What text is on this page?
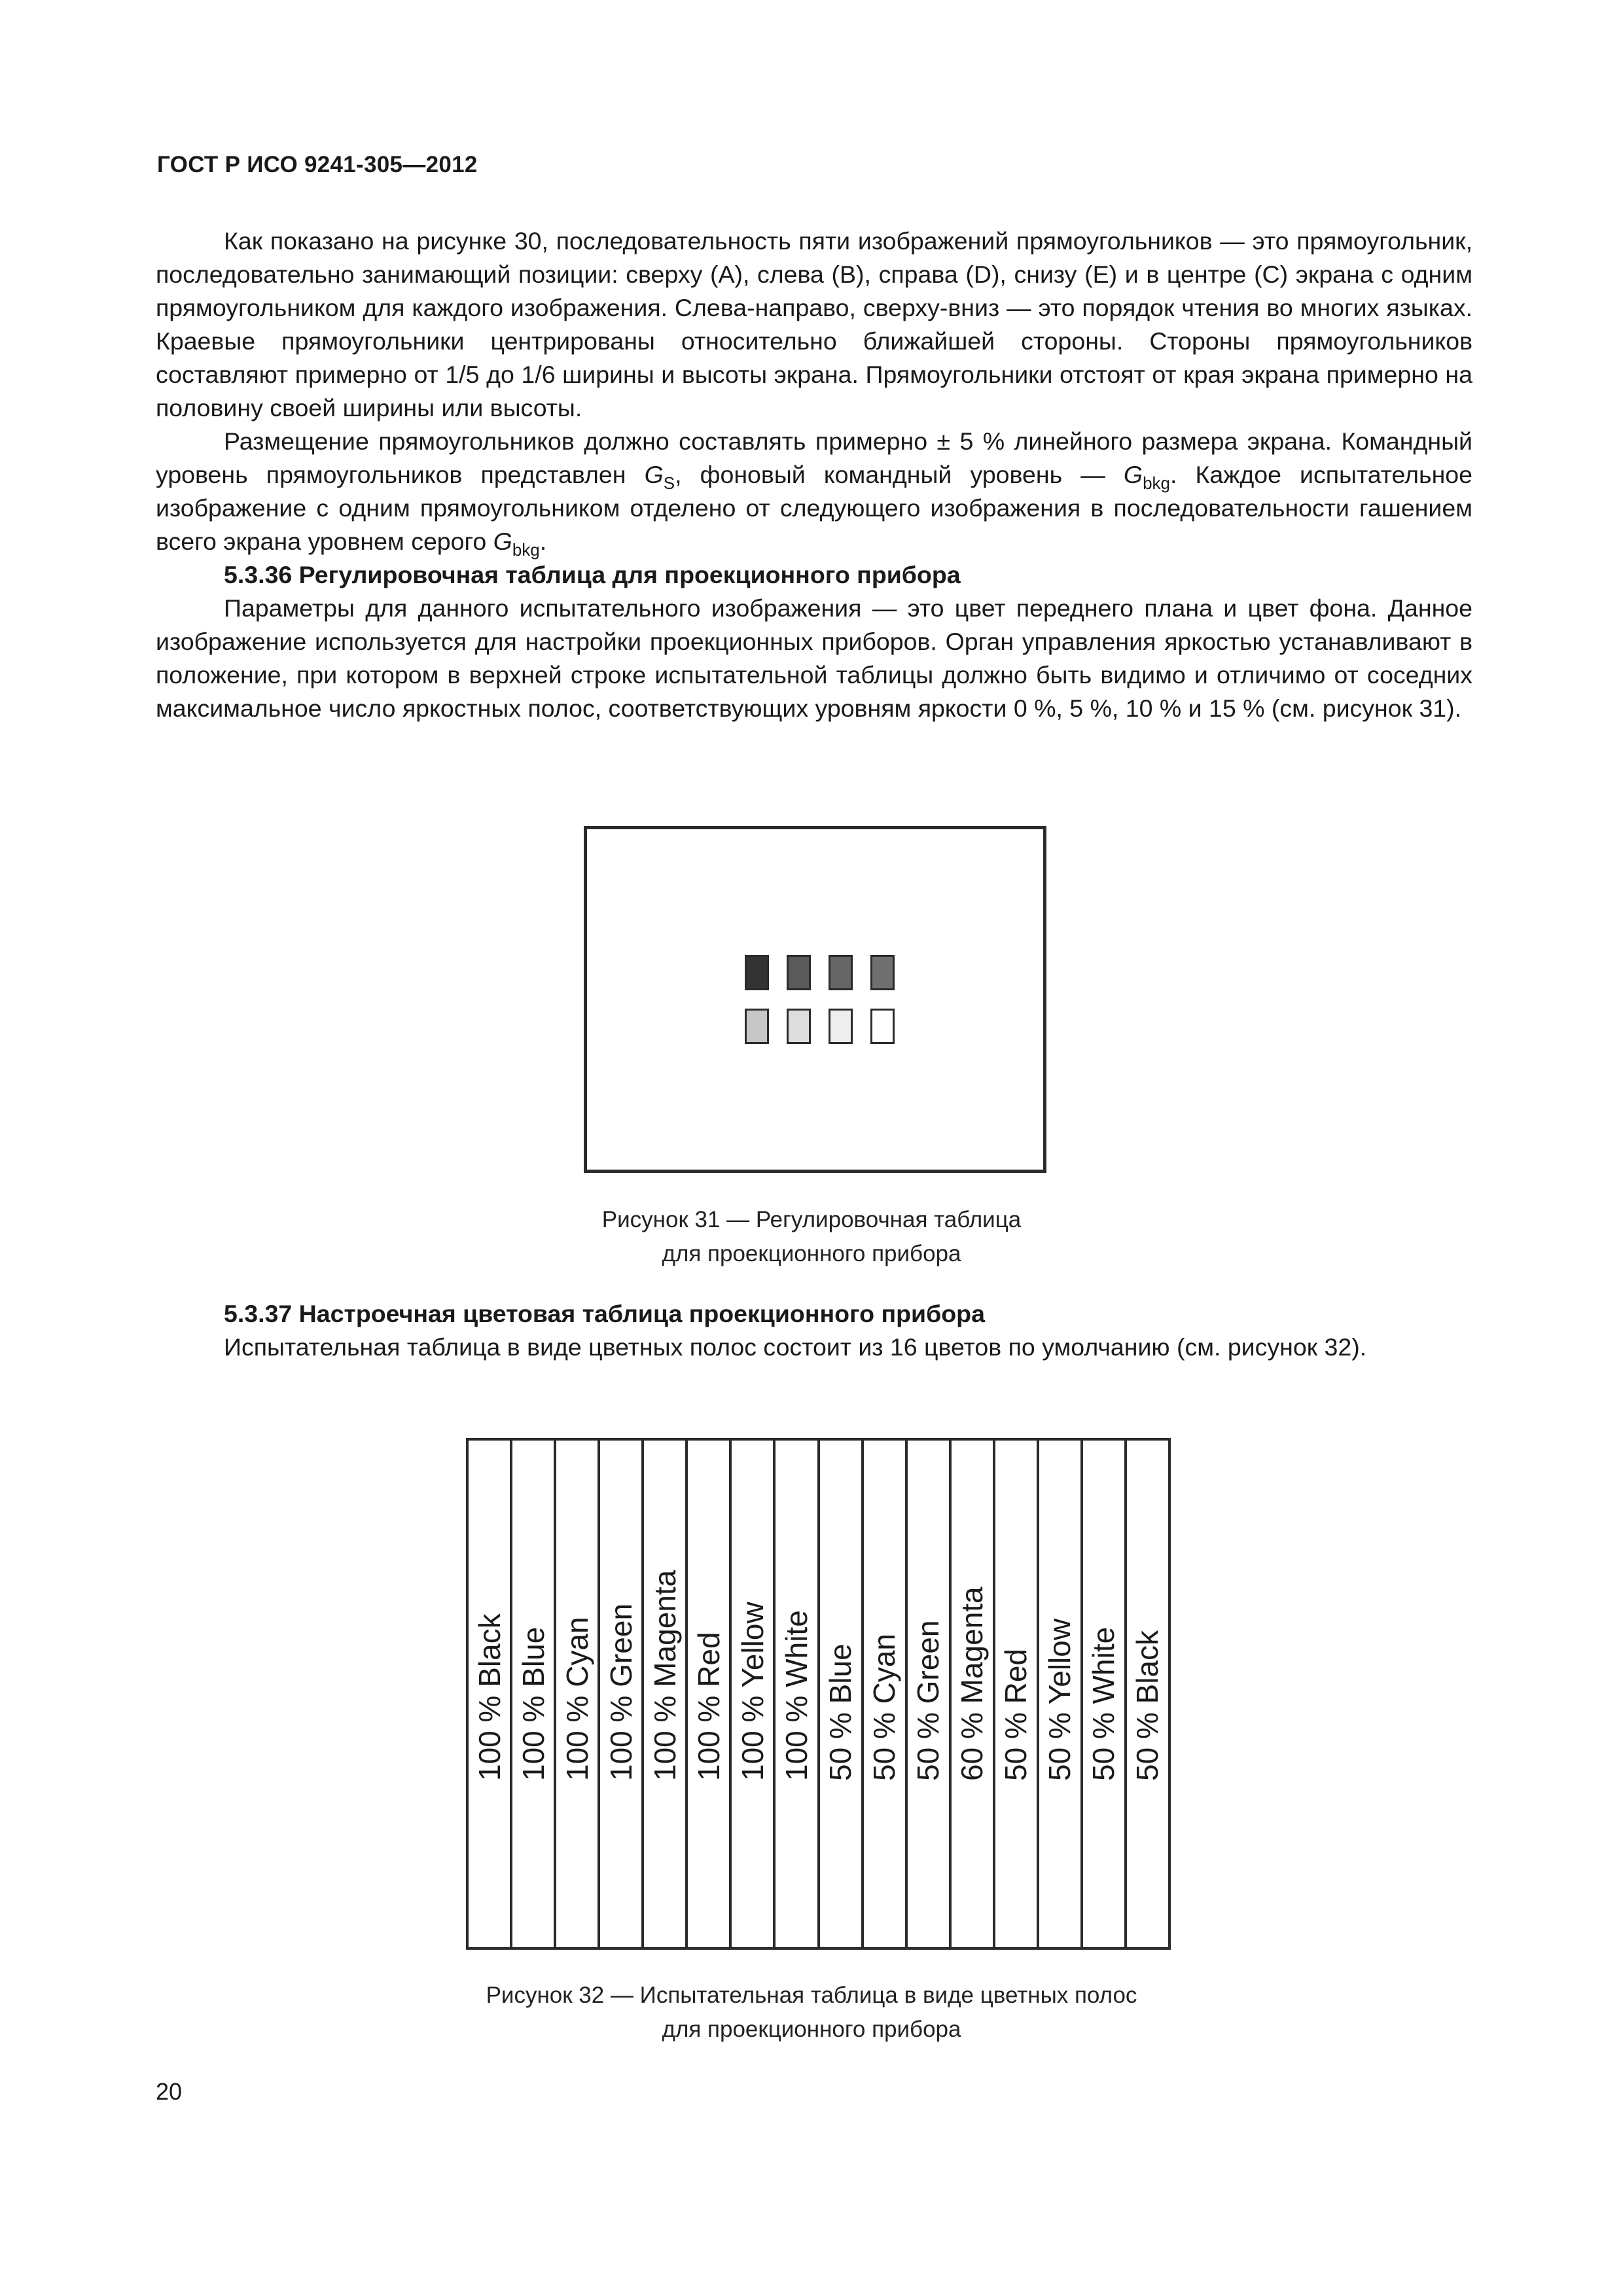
ГОСТ Р ИСО 9241-305—2012

Как показано на рисунке 30, последовательность пяти изображений прямоугольников — это прямоугольник, последовательно занимающий позиции: сверху (А), слева (В), справа (D), снизу (Е) и в центре (С) экрана с одним прямоугольником для каждого изображения. Слева-направо, сверху-вниз — это порядок чтения во многих языках. Краевые прямоугольники центрированы относительно ближайшей стороны. Стороны прямоугольников составляют примерно от 1/5 до 1/6 ширины и высоты экрана. Прямоугольники отстоят от края экрана примерно на половину своей ширины или высоты.

Размещение прямоугольников должно составлять примерно ± 5 % линейного размера экрана. Командный уровень прямоугольников представлен $G_S$, фоновый командный уровень — $G_{bkg}$. Каждое испытательное изображение с одним прямоугольником отделено от следующего изображения в последовательности гашением всего экрана уровнем серого $G_{bkg}$.

5.3.36 Регулировочная таблица для проекционного прибора

Параметры для данного испытательного изображения — это цвет переднего плана и цвет фона. Данное изображение используется для настройки проекционных приборов. Орган управления яркостью устанавливают в положение, при котором в верхней строке испытательной таблицы должно быть видимо и отличимо от соседних максимальное число яркостных полос, соответствующих уровням яркости 0 %, 5 %, 10 % и 15 % (см. рисунок 31).

Рисунок 31 — Регулировочная таблица
для проекционного прибора
5.3.37 Настроечная цветовая таблица проекционного прибора

Испытательная таблица в виде цветных полос состоит из 16 цветов по умолчанию (см. рисунок 32).

100 % Black 100 % Blue 100 % Cyan 100 % Green 100 % Magenta 100 % Red 100 % Yellow 100 % White 50 % Blue 50 % Cyan 50 % Green 60 % Magenta 50 % Red 50 % Yellow 50 % White 50 % Black
Рисунок 32 — Испытательная таблица в виде цветных полос
для проекционного прибора
20
